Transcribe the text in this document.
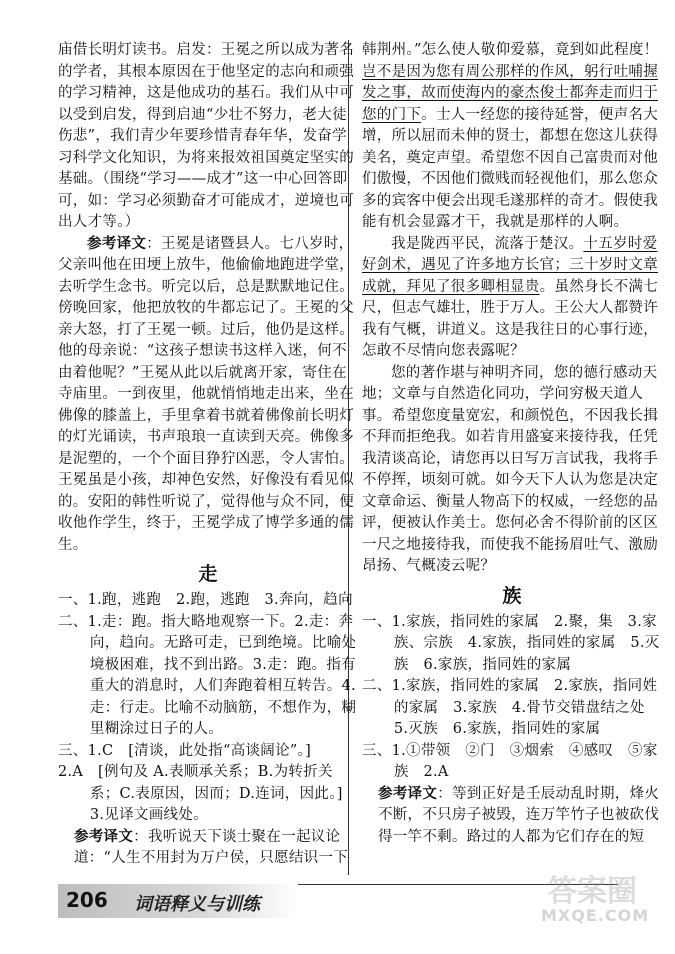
庙借长明灯读书。启发：王冕之所以成为著名的学者，其根本原因在于他坚定的志向和顽强的学习精神，这是他成功的基石。我们从中可以受到启发，得到启迪“少壮不努力，老大徒伤悲”，我们青少年要珍惜青春年华，发奋学习科学文化知识，为将来报效祖国奠定坚实的基础。（围绕“学习——成才”这一中心回答即可，如：学习必须勤奋才可能成才，逆境也可出人才等。）

参考译文：王冕是诸暨县人。七八岁时，父亲叫他在田埂上放牛，他偷偷地跑进学堂，去听学生念书。听完以后，总是默默地记住。傍晚回家，他把放牧的牛都忘记了。王冕的父亲大怒，打了王冕一顿。过后，他仍是这样。他的母亲说：“这孩子想读书这样入迷，何不由着他呢？”王冕从此以后就离开家，寄住在寺庙里。一到夜里，他就悄悄地走出来，坐在佛像的膝盖上，手里拿着书就着佛像前长明灯的灯光诵读，书声琅琅一直读到天亮。佛像多是泥塑的，一个个面目狰狞凶恶，令人害怕。王冕虽是小孩，却神色安然，好像没有看见似的。安阳的韩性听说了，觉得他与众不同，便收他作学生，终于，王冕学成了博学多通的儒生。

走

一、1.跑，逃跑　2.跑，逃跑　3.奔向，趋向

二、1.走：跑。指大略地观察一下。2.走：奔向，趋向。无路可走，已到绝境。比喻处境极困难，找不到出路。3.走：跑。指有重大的消息时，人们奔跑着相互转告。4.走：行走。比喻不动脑筋，不想作为，糊里糊涂过日子的人。

三、1.C　[清谈，此处指“高谈阔论”。]

2.A　[例句及 A.表顺承关系；B.为转折关系；C.表原因，因而；D.连词，因此。]

3.见译文画线处。

参考译文：我听说天下谈士聚在一起议论道：“人生不用封为万户侯，只愿结识一下

韩荆州。”怎么使人敬仰爱慕，竟到如此程度！岂不是因为您有周公那样的作风，躬行吐哺握发之事，故而使海内的豪杰俊士都奔走而归于您的门下。士人一经您的接待延誉，便声名大增，所以屈而未伸的贤士，都想在您这儿获得美名，奠定声望。希望您不因自己富贵而对他们傲慢，不因他们微贱而轻视他们，那么您众多的宾客中便会出现毛遂那样的奇才。假使我能有机会显露才干，我就是那样的人啊。

我是陇西平民，流落于楚汉。十五岁时爱好剑术，遇见了许多地方长官；三十岁时文章成就，拜见了很多卿相显贵。虽然身长不满七尺，但志气雄壮，胜于万人。王公大人都赞许我有气概，讲道义。这是我往日的心事行迹，怎敢不尽情向您表露呢？

您的著作堪与神明齐同，您的德行感动天地；文章与自然造化同功，学问穷极天道人事。希望您度量宽宏，和颜悦色，不因我长揖不拜而拒绝我。如若肯用盛宴来接待我，任凭我清谈高论，请您再以日写万言试我，我将手不停挥，顷刻可就。如今天下人认为您是决定文章命运、衡量人物高下的权威，一经您的品评，便被认作美士。您何必舍不得阶前的区区一尺之地接待我，而使我不能扬眉吐气、激励昂扬、气概凌云呢？

族

一、1.家族，指同姓的家属　2.聚，集　3.家族、宗族　4.家族，指同姓的家属　5.灭族　6.家族，指同姓的家属

二、1.家族，指同姓的家属　2.家族，指同姓的家属　3.家族　4.骨节交错盘结之处　5.灭族　6.家族，指同姓的家属

三、1.①带领　②门　③烟索　④感叹　⑤家族　2.A

参考译文：等到正好是壬辰动乱时期，烽火不断，不只房子被毁，连万竿竹子也被砍伐得一竿不剩。路过的人都为它们存在的短

206 词语释义与训练	答案圈
MXQE.COM
